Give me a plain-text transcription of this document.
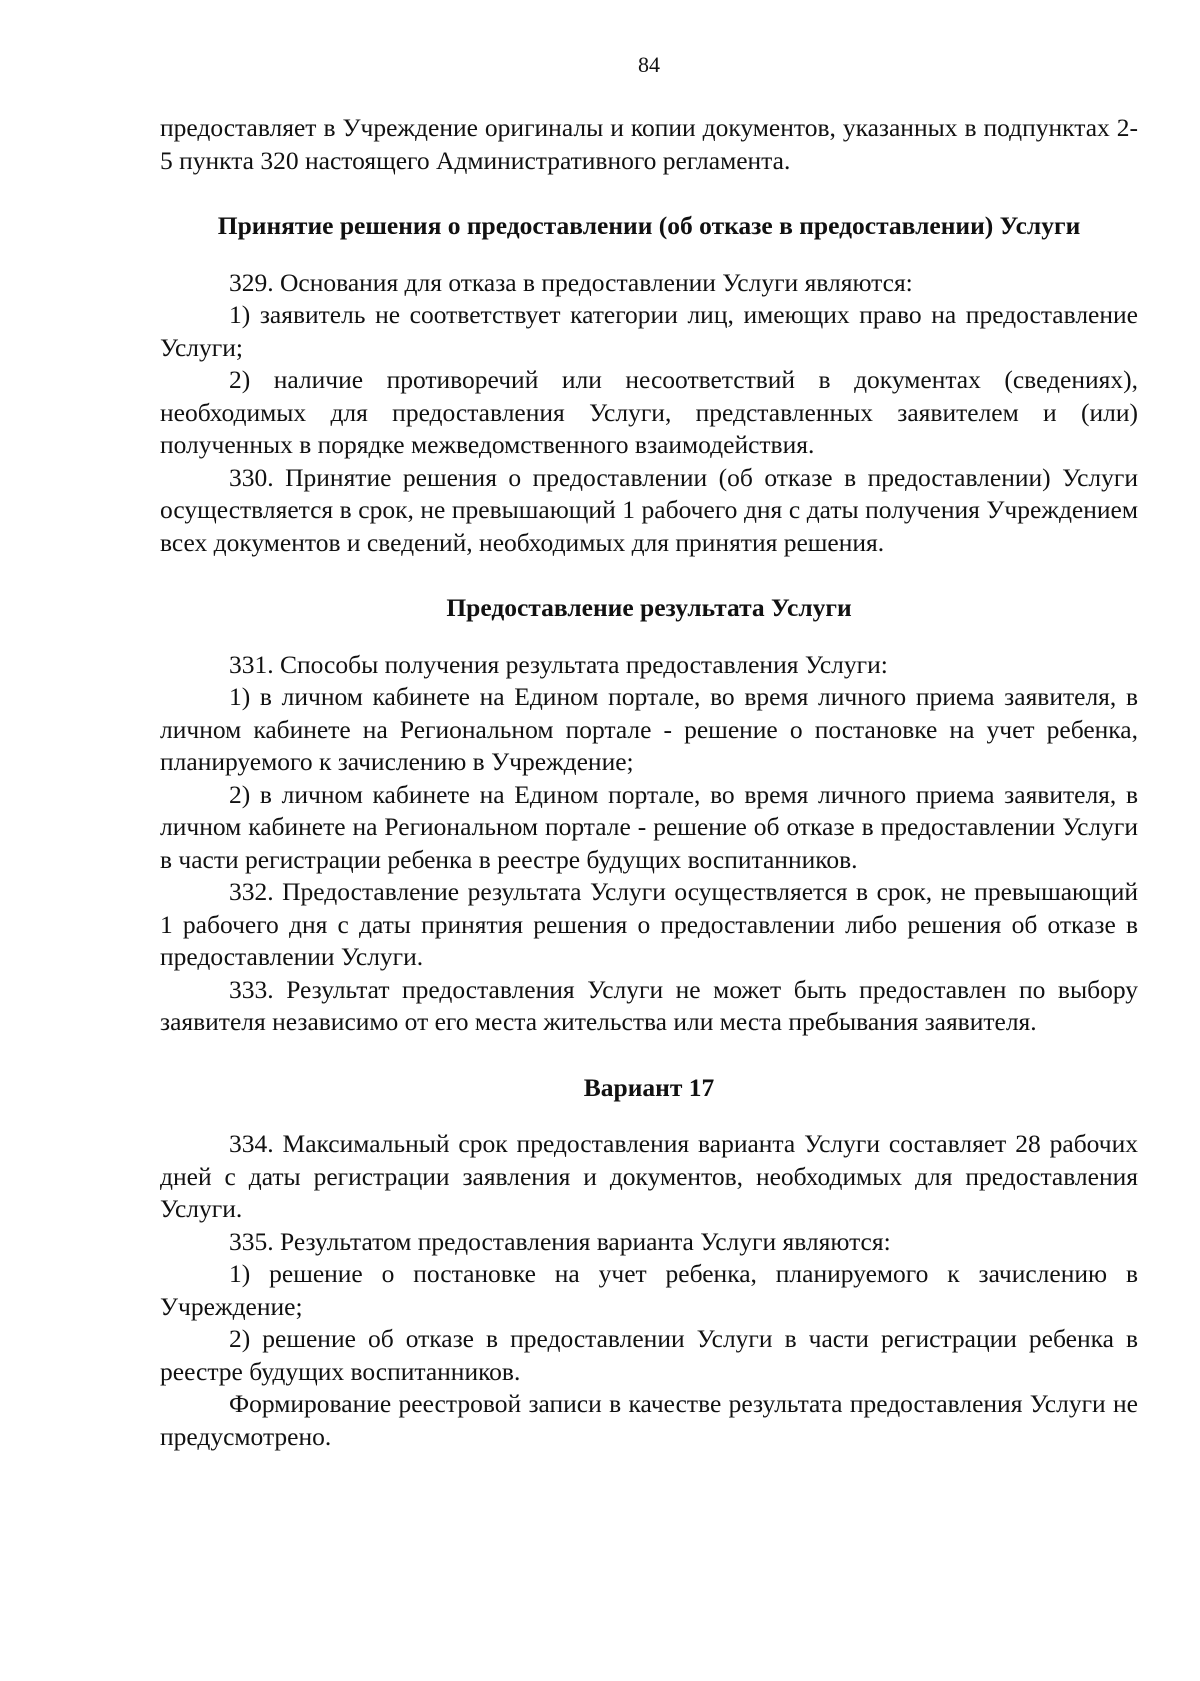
84

предоставляет в Учреждение оригиналы и копии документов, указанных в подпунктах 2-5 пункта 320 настоящего Административного регламента.

Принятие решения о предоставлении (об отказе в предоставлении) Услуги

329. Основания для отказа в предоставлении Услуги являются:

1) заявитель не соответствует категории лиц, имеющих право на предоставление Услуги;

2) наличие противоречий или несоответствий в документах (сведениях), необходимых для предоставления Услуги, представленных заявителем и (или) полученных в порядке межведомственного взаимодействия.

330. Принятие решения о предоставлении (об отказе в предоставлении) Услуги осуществляется в срок, не превышающий 1 рабочего дня с даты получения Учреждением всех документов и сведений, необходимых для принятия решения.

Предоставление результата Услуги

331. Способы получения результата предоставления Услуги:

1) в личном кабинете на Едином портале, во время личного приема заявителя, в личном кабинете на Региональном портале - решение о постановке на учет ребенка, планируемого к зачислению в Учреждение;

2) в личном кабинете на Едином портале, во время личного приема заявителя, в личном кабинете на Региональном портале - решение об отказе в предоставлении Услуги в части регистрации ребенка в реестре будущих воспитанников.

332. Предоставление результата Услуги осуществляется в срок, не превышающий 1 рабочего дня с даты принятия решения о предоставлении либо решения об отказе в предоставлении Услуги.

333. Результат предоставления Услуги не может быть предоставлен по выбору заявителя независимо от его места жительства или места пребывания заявителя.

Вариант 17

334. Максимальный срок предоставления варианта Услуги составляет 28 рабочих дней с даты регистрации заявления и документов, необходимых для предоставления Услуги.

335. Результатом предоставления варианта Услуги являются:

1) решение о постановке на учет ребенка, планируемого к зачислению в Учреждение;

2) решение об отказе в предоставлении Услуги в части регистрации ребенка в реестре будущих воспитанников.

Формирование реестровой записи в качестве результата предоставления Услуги не предусмотрено.
